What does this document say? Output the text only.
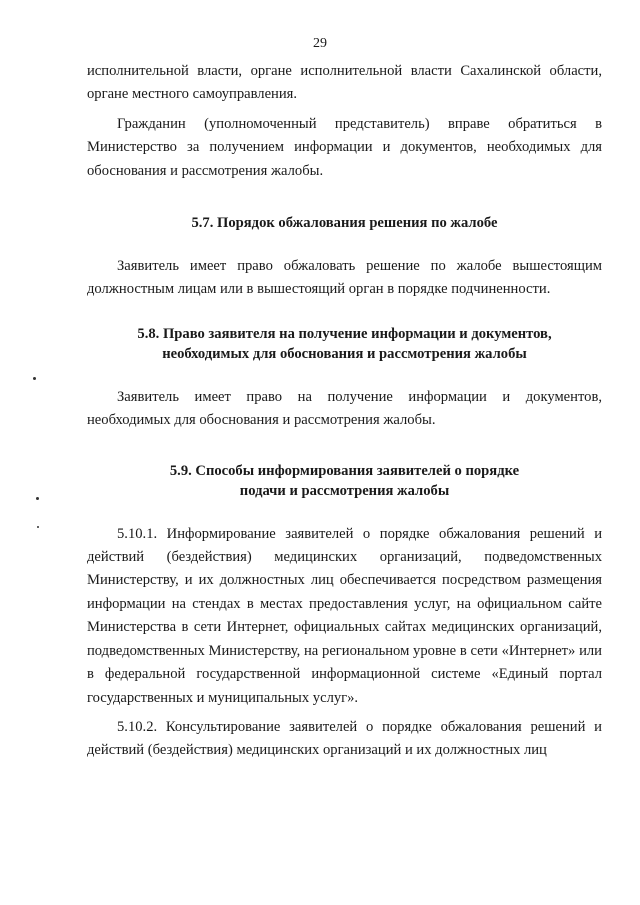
29

исполнительной власти, органе исполнительной власти Сахалинской области, органе местного самоуправления.

Гражданин (уполномоченный представитель) вправе обратиться в Министерство за получением информации и документов, необходимых для обоснования и рассмотрения жалобы.

5.7. Порядок обжалования решения по жалобе

Заявитель имеет право обжаловать решение по жалобе вышестоящим должностным лицам или в вышестоящий орган в порядке подчиненности.

5.8. Право заявителя на получение информации и документов,
необходимых для обоснования и рассмотрения жалобы

Заявитель имеет право на получение информации и документов, необходимых для обоснования и рассмотрения жалобы.

5.9. Способы информирования заявителей о порядке
подачи и рассмотрения жалобы

5.10.1. Информирование заявителей о порядке обжалования решений и действий (бездействия) медицинских организаций, подведомственных Министерству, и их должностных лиц обеспечивается посредством размещения информации на стендах в местах предоставления услуг, на официальном сайте Министерства в сети Интернет, официальных сайтах медицинских организаций, подведомственных Министерству, на региональном уровне в сети «Интернет» или в федеральной государственной информационной системе «Единый портал государственных и муниципальных услуг».

5.10.2. Консультирование заявителей о порядке обжалования решений и действий (бездействия) медицинских организаций и их должностных лиц
